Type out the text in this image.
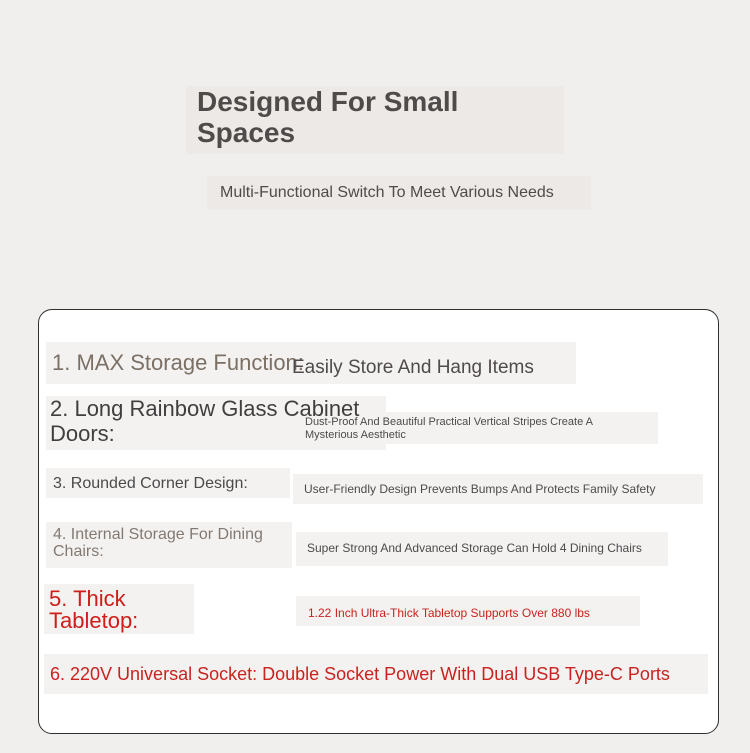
Designed For Small Spaces

Multi-Functional Switch To Meet Various Needs

1. MAX Storage Function:

Easily Store And Hang Items

2. Long Rainbow Glass Cabinet Doors:	Dust-Proof And Beautiful Practical Vertical Stripes Create A Mysterious Aesthetic

3. Rounded Corner Design:	User-Friendly Design Prevents Bumps And Protects Family Safety

4. Internal Storage For Dining Chairs:	Super Strong And Advanced Storage Can Hold 4 Dining Chairs

5. Thick Tabletop:	1.22 Inch Ultra-Thick Tabletop Supports Over 880 lbs

6. 220V Universal Socket: Double Socket Power With Dual USB Type-C Ports
